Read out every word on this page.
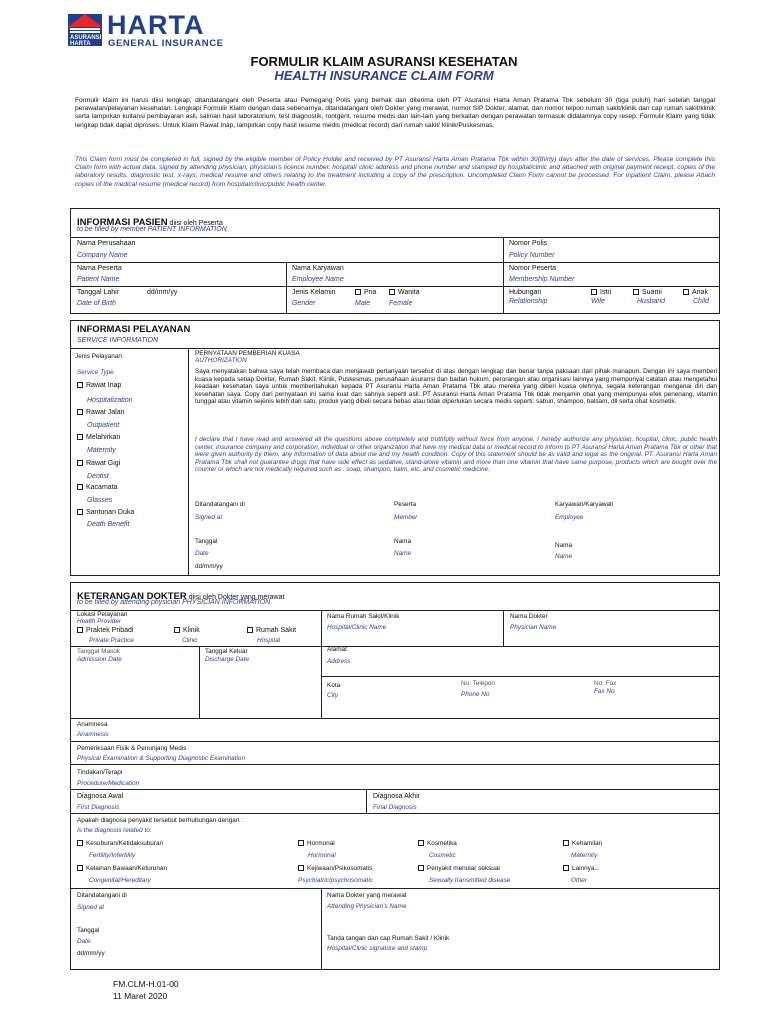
ASURANSI
HARTA
HARTA
GENERAL INSURANCE
FORMULIR KLAIM ASURANSI KESEHATAN
HEALTH INSURANCE CLAIM FORM
Formulir klaim ini harus diisi lengkap, ditandatangani oleh Peserta atau Pemegang Polis yang berhak dan diterima oleh PT Asuransi Harta Aman Pratama Tbk sebelum 30 (tiga puluh) hari setelah tanggal perawatan/pelayanan kesehatan. Lengkapi Formulir Klaim dengan data sebenarnya, ditandatangani oleh Dokter yang merawat, nomor SIP Dokter, alamat, dan nomor telpon rumah sakit/klinik dan cap rumah sakit/klinik serta lampirkan kuitansi pembayaran asli, salinan hasil laboratorium, test diagnostik, rontgent, resume medis dan lain-lain yang berkaitan dengan perawatan termasuk didalamnya copy resep. Formulir Klaim yang tidak lengkap tidak dapat diproses. Untuk Klaim Rawat Inap, lampirkan copy hasil resume medis (medical record) dari rumah sakit/ klinik/Puskesmas.
This Claim form must be completed in full, signed by the eligible member of Policy Holder and received by PT Asuransi Harta Aman Pratama Tbk within 30(thirty) days after the date of services. Please complete this Claim form with actual data, signed by attending physician, physician's licence number, hospital/ clinic address and phone number and stamped by hospital/clinic and attached with original payment receipt, copies of the laboratory results, diagnostic test, x-rays, medical resume and others relating to the treatment including a copy of the prescription. Uncompleted Claim Form cannot be processed. For Inpatient Claim, please Attach copies of the medical resume (medical record) from hospital/clinic/public health center.
INFORMASI PASIEN diisi oleh Peserta
to be filled by member PATIENT INFORMATION
Nama Perusahaan
Company Name
Nomor Polis
Policy Number
Nama Peserta
Patient Name
Nama Karyawan
Employee Name
Nomor Peserta
Membership Number
Tanggal Lahir	dd/mm/yy
Date of Birth
Jenis Kelamin
Gender
Pria
Male
Wanita
Female
Hubungan
Relationship
Istri
Wife
Suami
Husband
Anak
Child
INFORMASI PELAYANAN
SERVICE INFORMATION
Jenis Pelayanan
Service Type
Rawat Inap
Hospitalization
Rawat Jalan
Outpatient
Melahirkan
Maternity
Rawat Gigi
Dentist
Kacamata
Glasses
Santunan Duka
Death Benefit
PERNYATAAN PEMBERIAN KUASA
AUTHORIZATION
Saya menyatakan bahwa saya telah membaca dan menjawab pertanyaan tersebut di atas dengan lengkap dan benar tanpa paksaan dari pihak manapun. Dengan ini saya memberi kuasa kepada setiap Dokter, Rumah Sakit, Klinik, Puskesmas, perusahaan asuransi dan badan hukum, perorangan atau organisasi lainnya yang mempunyai catatan atau mengetahui keadaan kesehatan saya untuk memberitahukan kepada PT Asuransi Harta Aman Pratama Tbk atau mereka yang diberi kuasa olehnya, segala keterangan mengenai diri dan kesehatan saya. Copy dari pernyataan ini sama kuat dan sahnya seperti asli. PT Asuransi Harta Aman Pratama Tbk tidak menjamin obat yang mempunyai efek penenang, vitamin tunggal atau vitamin sejenis lebih dari satu, produk yang dibeli secara bebas atau tidak diperlukan secara medis seperti: sabun, shampoo, balsam, dll serta obat kosmetik.
I declare that I have read and answered all the questions above completely and truthfully without force from anyone. I hereby authorize any physician, hospital, clinic, public health center, insurance company and corporation, individual or other organization that have my medical data or medical record to inform to PT Asuransi Harta Aman Pratama Tbk or other that were given authority by them, any information of data about me and my health condition. Copy of this statement should be as valid and legal as the original. PT. Asuransi Harta Aman Pratama Tbk shall not guarantee drugs that have side effect as sedative, stand-alone vitamin and more than one vitamin that have same purpose, products which are bought over the counter or which are not medically required such as : soap, shampoo, balm, etc. and cosmetic medicine.
Ditandatangani di
Signed at
Peserta
Member
Karyawan/Karyawati
Employee
Tanggal
Date
dd/mm/yy
Nama
Name
Nama
Name
KETERANGAN DOKTER diisi oleh Dokter yang merawat
to be filled by attending physician PHYSICIAN INFORMATION
Lokasi Pelayanan
Health Provider
Praktek Pribadi
Private Practice
Klinik
Clinic
Rumah Sakit
Hospital
Nama Rumah Sakit/Klinik
Hospital/Clinic Name
Nama Dokter
Physician Name
Tanggal Masuk
Admission Date
Tanggal Keluar
Discharge Date
Alamat
Address
Kota
City
No. Telepon
Phone No
No. Fax
Fax No
Anamnesa
Anamnesis
Pemeriksaan Fisik & Penunjang Medis
Physical Examination & Supporting Diagnostic Examination
Tindakan/Terapi
Procedure/Medication
Diagnosa Awal
First Diagnosis
Diagnosa Akhir
Final Diagnosis
Apakah diagnosa penyakit tersebut berhubungan dengan :
Is the diagnosis related to:
Kesuburan/Ketidaksuburan
Fertility/Infertility
Hormonal
Hormonal
Kosmetika
Cosmetic
Kehamilan
Maternity
Kelainan Bawaan/Keturunan
Congenital/Hereditary
Kejiwaan/Psikosomatis
Psychiatric/psychosomatic
Penyakit menular seksual
Sexually transmitted disease
Lainnya...
Other
Ditandatangani di
Signed at
Tanggal
Date
dd/mm/yy
Nama Dokter yang merawat
Attending Physician's Name
Tanda tangan dan cap Rumah Sakit / Klinik
Hospital/Clinic signature and stamp
FM.CLM-H.01-00
11 Maret 2020
